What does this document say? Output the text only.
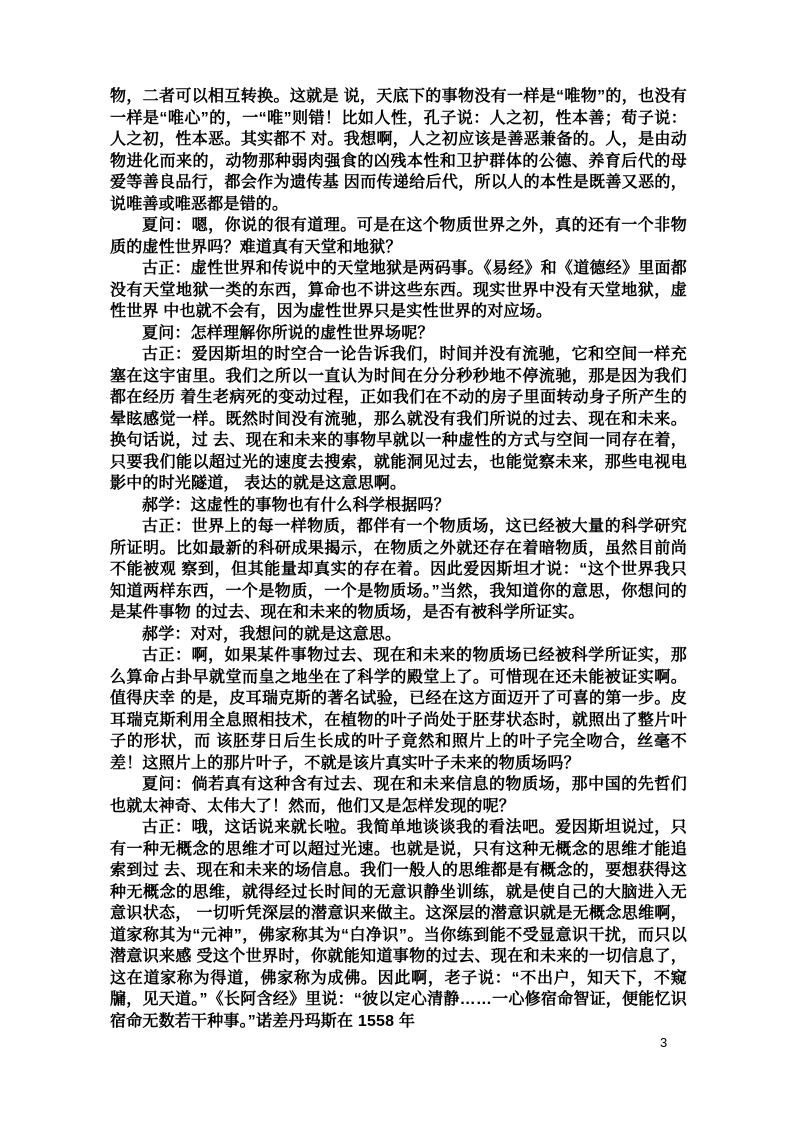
物，二者可以相互转换。这就是 说，天底下的事物没有一样是“唯物”的，也没有一样是“唯心”的，一“唯”则错！比如人性，孔子说：人之初，性本善；荀子说：人之初，性本恶。其实都不 对。我想啊，人之初应该是善恶兼备的。人，是由动物进化而来的，动物那种弱肉强食的凶残本性和卫护群体的公德、养育后代的母爱等善良品行，都会作为遗传基 因而传递给后代，所以人的本性是既善又恶的，说唯善或唯恶都是错的。

夏问：嗯，你说的很有道理。可是在这个物质世界之外，真的还有一个非物质的虚性世界吗？难道真有天堂和地狱？

古正：虚性世界和传说中的天堂地狱是两码事。《易经》和《道德经》里面都没有天堂地狱一类的东西，算命也不讲这些东西。现实世界中没有天堂地狱，虚性世界 中也就不会有，因为虚性世界只是实性世界的对应场。

夏问：怎样理解你所说的虚性世界场呢？

古正：爱因斯坦的时空合一论告诉我们，时间并没有流驰，它和空间一样充塞在这宇宙里。我们之所以一直认为时间在分分秒秒地不停流驰，那是因为我们都在经历 着生老病死的变动过程，正如我们在不动的房子里面转动身子所产生的晕眩感觉一样。既然时间没有流驰，那么就没有我们所说的过去、现在和未来。换句话说，过 去、现在和未来的事物早就以一种虚性的方式与空间一同存在着，只要我们能以超过光的速度去搜索，就能洞见过去，也能觉察未来，那些电视电影中的时光隧道， 表达的就是这意思啊。

郝学：这虚性的事物也有什么科学根据吗？

古正：世界上的每一样物质，都伴有一个物质场，这已经被大量的科学研究所证明。比如最新的科研成果揭示，在物质之外就还存在着暗物质，虽然目前尚不能被观 察到，但其能量却真实的存在着。因此爱因斯坦才说：“这个世界我只知道两样东西，一个是物质，一个是物质场。”当然，我知道你的意思，你想问的是某件事物 的过去、现在和未来的物质场，是否有被科学所证实。

郝学：对对，我想问的就是这意思。

古正：啊，如果某件事物过去、现在和未来的物质场已经被科学所证实，那么算命占卦早就堂而皇之地坐在了科学的殿堂上了。可惜现在还未能被证实啊。值得庆幸 的是，皮耳瑞克斯的著名试验，已经在这方面迈开了可喜的第一步。皮耳瑞克斯利用全息照相技术，在植物的叶子尚处于胚芽状态时，就照出了整片叶子的形状，而 该胚芽日后生长成的叶子竟然和照片上的叶子完全吻合，丝毫不差！这照片上的那片叶子，不就是该片真实叶子未来的物质场吗？

夏问：倘若真有这种含有过去、现在和未来信息的物质场，那中国的先哲们也就太神奇、太伟大了！然而，他们又是怎样发现的呢？

古正：哦，这话说来就长啦。我简单地谈谈我的看法吧。爱因斯坦说过，只有一种无概念的思维才可以超过光速。也就是说，只有这种无概念的思维才能追索到过 去、现在和未来的场信息。我们一般人的思维都是有概念的，要想获得这种无概念的思维，就得经过长时间的无意识静坐训练，就是使自己的大脑进入无意识状态， 一切听凭深层的潜意识来做主。这深层的潜意识就是无概念思维啊，道家称其为“元神”，佛家称其为“白净识”。当你练到能不受显意识干扰，而只以潜意识来感 受这个世界时，你就能知道事物的过去、现在和未来的一切信息了，这在道家称为得道，佛家称为成佛。因此啊，老子说：“不出户，知天下，不窥牖，见天道。”《长阿含经》里说：“彼以定心清静……一心修宿命智证，便能忆识宿命无数若干种事。”诺差丹玛斯在 1558 年

3
